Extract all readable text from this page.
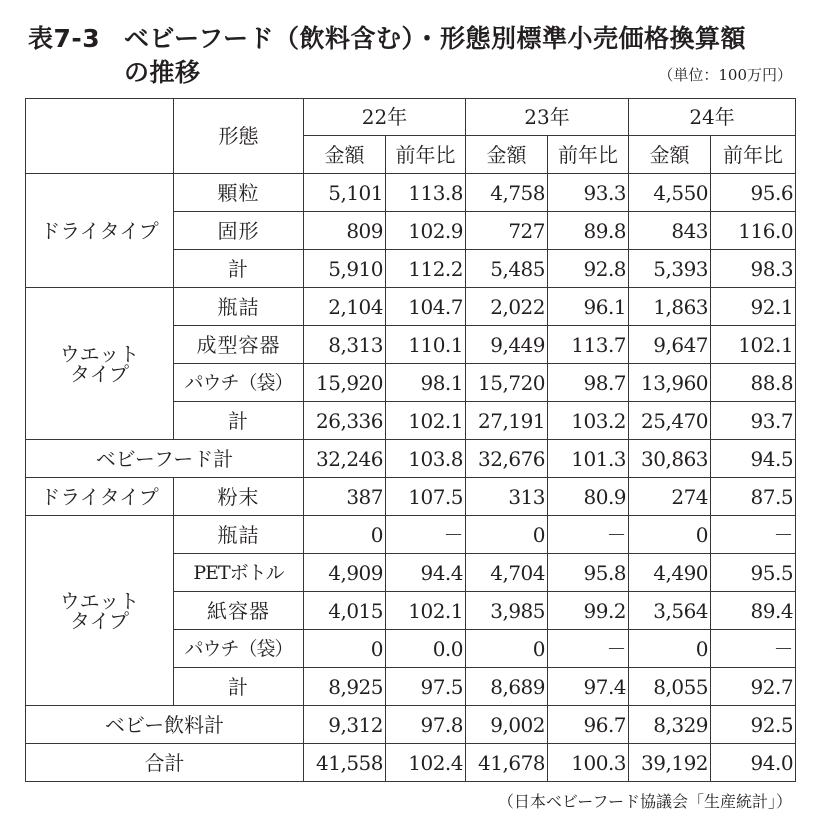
表7-3 ベビーフード（飲料含む）・形態別標準小売価格換算額
の推移	（単位：100万円）
	形態	22年		23年		24年	
		金額	前年比	金額	前年比	金額	前年比
ドライタイプ	顆粒	5,101	113.8	4,758	93.3	4,550	95.6
	固形	809	102.9	727	89.8	843	116.0
	計	5,910	112.2	5,485	92.8	5,393	98.3
ウエット
タイプ	瓶詰	2,104	104.7	2,022	96.1	1,863	92.1
	成型容器	8,313	110.1	9,449	113.7	9,647	102.1
	パウチ（袋）	15,920	98.1	15,720	98.7	13,960	88.8
	計	26,336	102.1	27,191	103.2	25,470	93.7
ベビーフード計		32,246	103.8	32,676	101.3	30,863	94.5
ドライタイプ	粉末	387	107.5	313	80.9	274	87.5
ウエット
タイプ	瓶詰	0	－	0	－	0	－
	PETボトル	4,909	94.4	4,704	95.8	4,490	95.5
	紙容器	4,015	102.1	3,985	99.2	3,564	89.4
	パウチ（袋）	0	0.0	0	－	0	－
	計	8,925	97.5	8,689	97.4	8,055	92.7
ベビー飲料計		9,312	97.8	9,002	96.7	8,329	92.5
合計		41,558	102.4	41,678	100.3	39,192	94.0
（日本ベビーフード協議会「生産統計」）
